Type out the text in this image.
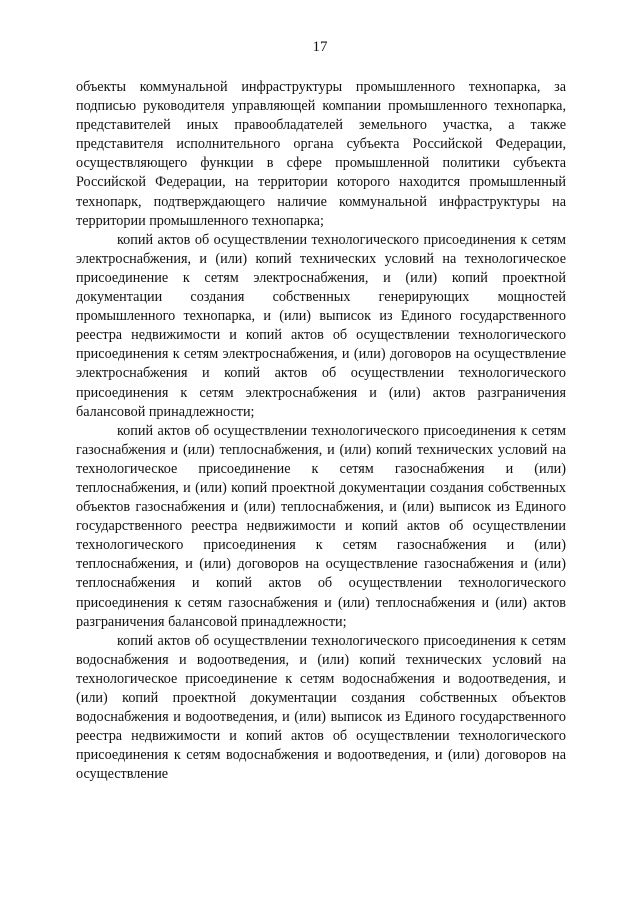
17

объекты коммунальной инфраструктуры промышленного технопарка, за подписью руководителя управляющей компании промышленного технопарка, представителей иных правообладателей земельного участка, а также представителя исполнительного органа субъекта Российской Федерации, осуществляющего функции в сфере промышленной политики субъекта Российской Федерации, на территории которого находится промышленный технопарк, подтверждающего наличие коммунальной инфраструктуры на территории промышленного технопарка;

копий актов об осуществлении технологического присоединения к сетям электроснабжения, и (или) копий технических условий на технологическое присоединение к сетям электроснабжения, и (или) копий проектной документации создания собственных генерирующих мощностей промышленного технопарка, и (или) выписок из Единого государственного реестра недвижимости и копий актов об осуществлении технологического присоединения к сетям электроснабжения, и (или) договоров на осуществление электроснабжения и копий актов об осуществлении технологического присоединения к сетям электроснабжения и (или) актов разграничения балансовой принадлежности;

копий актов об осуществлении технологического присоединения к сетям газоснабжения и (или) теплоснабжения, и (или) копий технических условий на технологическое присоединение к сетям газоснабжения и (или) теплоснабжения, и (или) копий проектной документации создания собственных объектов газоснабжения и (или) теплоснабжения, и (или) выписок из Единого государственного реестра недвижимости и копий актов об осуществлении технологического присоединения к сетям газоснабжения и (или) теплоснабжения, и (или) договоров на осуществление газоснабжения и (или) теплоснабжения и копий актов об осуществлении технологического присоединения к сетям газоснабжения и (или) теплоснабжения и (или) актов разграничения балансовой принадлежности;

копий актов об осуществлении технологического присоединения к сетям водоснабжения и водоотведения, и (или) копий технических условий на технологическое присоединение к сетям водоснабжения и водоотведения, и (или) копий проектной документации создания собственных объектов водоснабжения и водоотведения, и (или) выписок из Единого государственного реестра недвижимости и копий актов об осуществлении технологического присоединения к сетям водоснабжения и водоотведения, и (или) договоров на осуществление
